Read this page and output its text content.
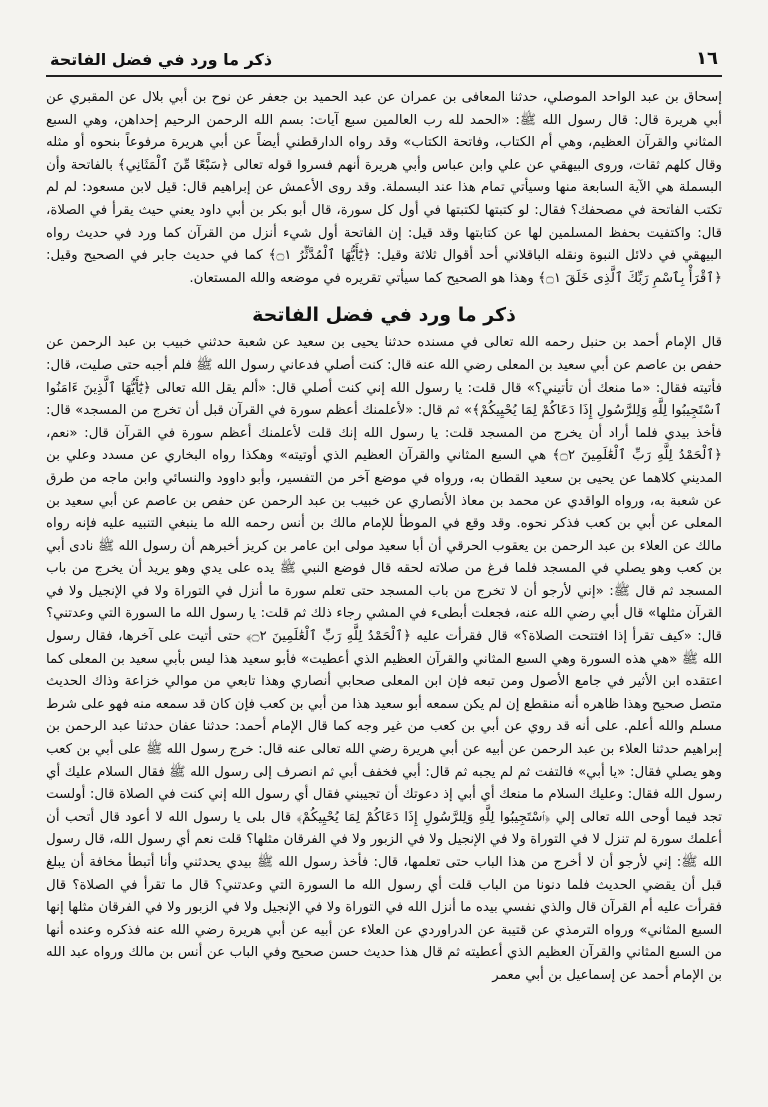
١٦
ذكر ما ورد في فضل الفاتحة

إسحاق بن عبد الواحد الموصلي، حدثنا المعافى بن عمران عن عبد الحميد بن جعفر عن نوح بن أبي بلال عن المقبري عن أبي هريرة قال: قال رسول الله ﷺ: «الحمد لله رب العالمين سبع آيات: بسم الله الرحمن الرحيم إحداهن، وهي السبع المثاني والقرآن العظيم، وهي أم الكتاب، وفاتحة الكتاب» وقد رواه الدارقطني أيضاً عن أبي هريرة مرفوعاً بنحوه أو مثله وقال كلهم ثقات، وروى البيهقي عن علي وابن عباس وأبي هريرة أنهم فسروا قوله تعالى ﴿سَبْعًا مِّنَ ٱلْمَثَانِي﴾ بالفاتحة وأن البسملة هي الآية السابعة منها وسيأتي تمام هذا عند البسملة. وقد روى الأعمش عن إبراهيم قال: قيل لابن مسعود: لم لم تكتب الفاتحة في مصحفك؟ فقال: لو كتبتها لكتبتها في أول كل سورة، قال أبو بكر بن أبي داود يعني حيث يقرأ في الصلاة، قال: واكتفيت بحفظ المسلمين لها عن كتابتها وقد قيل: إن الفاتحة أول شيء أنزل من القرآن كما ورد في حديث رواه البيهقي في دلائل النبوة ونقله الباقلاني أحد أقوال ثلاثة وقيل: ﴿يَٰٓأَيُّهَا ٱلْمُدَّثِّرُ ۝١﴾ كما في حديث جابر في الصحيح وقيل: ﴿ٱقْرَأْ بِٱسْمِ رَبِّكَ ٱلَّذِى خَلَقَ ۝١﴾ وهذا هو الصحيح كما سيأتي تقريره في موضعه والله المستعان.

ذكر ما ورد في فضل الفاتحة

قال الإمام أحمد بن حنبل رحمه الله تعالى في مسنده حدثنا يحيى بن سعيد عن شعبة حدثني خبيب بن عبد الرحمن عن حفص بن عاصم عن أبي سعيد بن المعلى رضي الله عنه قال: كنت أصلي فدعاني رسول الله ﷺ فلم أجبه حتى صليت، قال: فأتيته فقال: «ما منعك أن تأتيني؟» قال قلت: يا رسول الله إني كنت أصلي قال: «ألم يقل الله تعالى ﴿يَٰٓأَيُّهَا ٱلَّذِينَ ءَامَنُوا ٱسْتَجِيبُوا لِلَّهِ وَلِلرَّسُولِ إِذَا دَعَاكُمْ لِمَا يُحْيِيكُمْ﴾» ثم قال: «لأعلمنك أعظم سورة في القرآن قبل أن تخرج من المسجد» قال: فأخذ بيدي فلما أراد أن يخرج من المسجد قلت: يا رسول الله إنك قلت لأعلمنك أعظم سورة في القرآن قال: «نعم، ﴿ٱلْحَمْدُ لِلَّهِ رَبِّ ٱلْعَٰلَمِينَ ۝٢﴾ هي السبع المثاني والقرآن العظيم الذي أوتيته» وهكذا رواه البخاري عن مسدد وعلي بن المديني كلاهما عن يحيى بن سعيد القطان به، ورواه في موضع آخر من التفسير، وأبو داوود والنسائي وابن ماجه من طرق عن شعبة به، ورواه الواقدي عن محمد بن معاذ الأنصاري عن خبيب بن عبد الرحمن عن حفص بن عاصم عن أبي سعيد بن المعلى عن أبي بن كعب فذكر نحوه. وقد وقع في الموطأ للإمام مالك بن أنس رحمه الله ما ينبغي التنبيه عليه فإنه رواه مالك عن العلاء بن عبد الرحمن بن يعقوب الحرقي أن أبا سعيد مولى ابن عامر بن كريز أخبرهم أن رسول الله ﷺ نادى أبي بن كعب وهو يصلي في المسجد فلما فرغ من صلاته لحقه قال فوضع النبي ﷺ يده على يدي وهو يريد أن يخرج من باب المسجد ثم قال ﷺ: «إني لأرجو أن لا تخرج من باب المسجد حتى تعلم سورة ما أنزل في التوراة ولا في الإنجيل ولا في القرآن مثلها» قال أبي رضي الله عنه، فجعلت أبطىء في المشي رجاء ذلك ثم قلت: يا رسول الله ما السورة التي وعدتني؟ قال: «كيف تقرأ إذا افتتحت الصلاة؟» قال فقرأت عليه ﴿ٱلْحَمْدُ لِلَّهِ رَبِّ ٱلْعَٰلَمِينَ ۝٢﴾ حتى أتيت على آخرها، فقال رسول الله ﷺ «هي هذه السورة وهي السبع المثاني والقرآن العظيم الذي أعطيت» فأبو سعيد هذا ليس بأبي سعيد بن المعلى كما اعتقده ابن الأثير في جامع الأصول ومن تبعه فإن ابن المعلى صحابي أنصاري وهذا تابعي من موالي خزاعة وذاك الحديث متصل صحيح وهذا ظاهره أنه منقطع إن لم يكن سمعه أبو سعيد هذا من أبي بن كعب فإن كان قد سمعه منه فهو على شرط مسلم والله أعلم. على أنه قد روي عن أبي بن كعب من غير وجه كما قال الإمام أحمد: حدثنا عفان حدثنا عبد الرحمن بن إبراهيم حدثنا العلاء بن عبد الرحمن عن أبيه عن أبي هريرة رضي الله تعالى عنه قال: خرج رسول الله ﷺ على أبي بن كعب وهو يصلي فقال: «يا أبي» فالتفت ثم لم يجبه ثم قال: أبي فخفف أبي ثم انصرف إلى رسول الله ﷺ فقال السلام عليك أي رسول الله فقال: وعليك السلام ما منعك أي أبي إذ دعوتك أن تجيبني فقال أي رسول الله إني كنت في الصلاة قال: أولست تجد فيما أوحى الله تعالى إلي ﴿ٱسْتَجِيبُوا لِلَّهِ وَلِلرَّسُولِ إِذَا دَعَاكُمْ لِمَا يُحْيِيكُمْ﴾ قال بلى يا رسول الله لا أعود قال أتحب أن أعلمك سورة لم تنزل لا في التوراة ولا في الإنجيل ولا في الزبور ولا في الفرقان مثلها؟ قلت نعم أي رسول الله، قال رسول الله ﷺ: إني لأرجو أن لا أخرج من هذا الباب حتى تعلمها، قال: فأخذ رسول الله ﷺ بيدي يحدثني وأنا أتبطأ مخافة أن يبلغ قبل أن يقضي الحديث فلما دنونا من الباب قلت أي رسول الله ما السورة التي وعدتني؟ قال ما تقرأ في الصلاة؟ قال فقرأت عليه أم القرآن قال والذي نفسي بيده ما أنزل الله في التوراة ولا في الإنجيل ولا في الزبور ولا في الفرقان مثلها إنها السبع المثاني» ورواه الترمذي عن قتيبة عن الدراوردي عن العلاء عن أبيه عن أبي هريرة رضي الله عنه فذكره وعنده أنها من السبع المثاني والقرآن العظيم الذي أعطيته ثم قال هذا حديث حسن صحيح وفي الباب عن أنس بن مالك ورواه عبد الله بن الإمام أحمد عن إسماعيل بن أبي معمر
